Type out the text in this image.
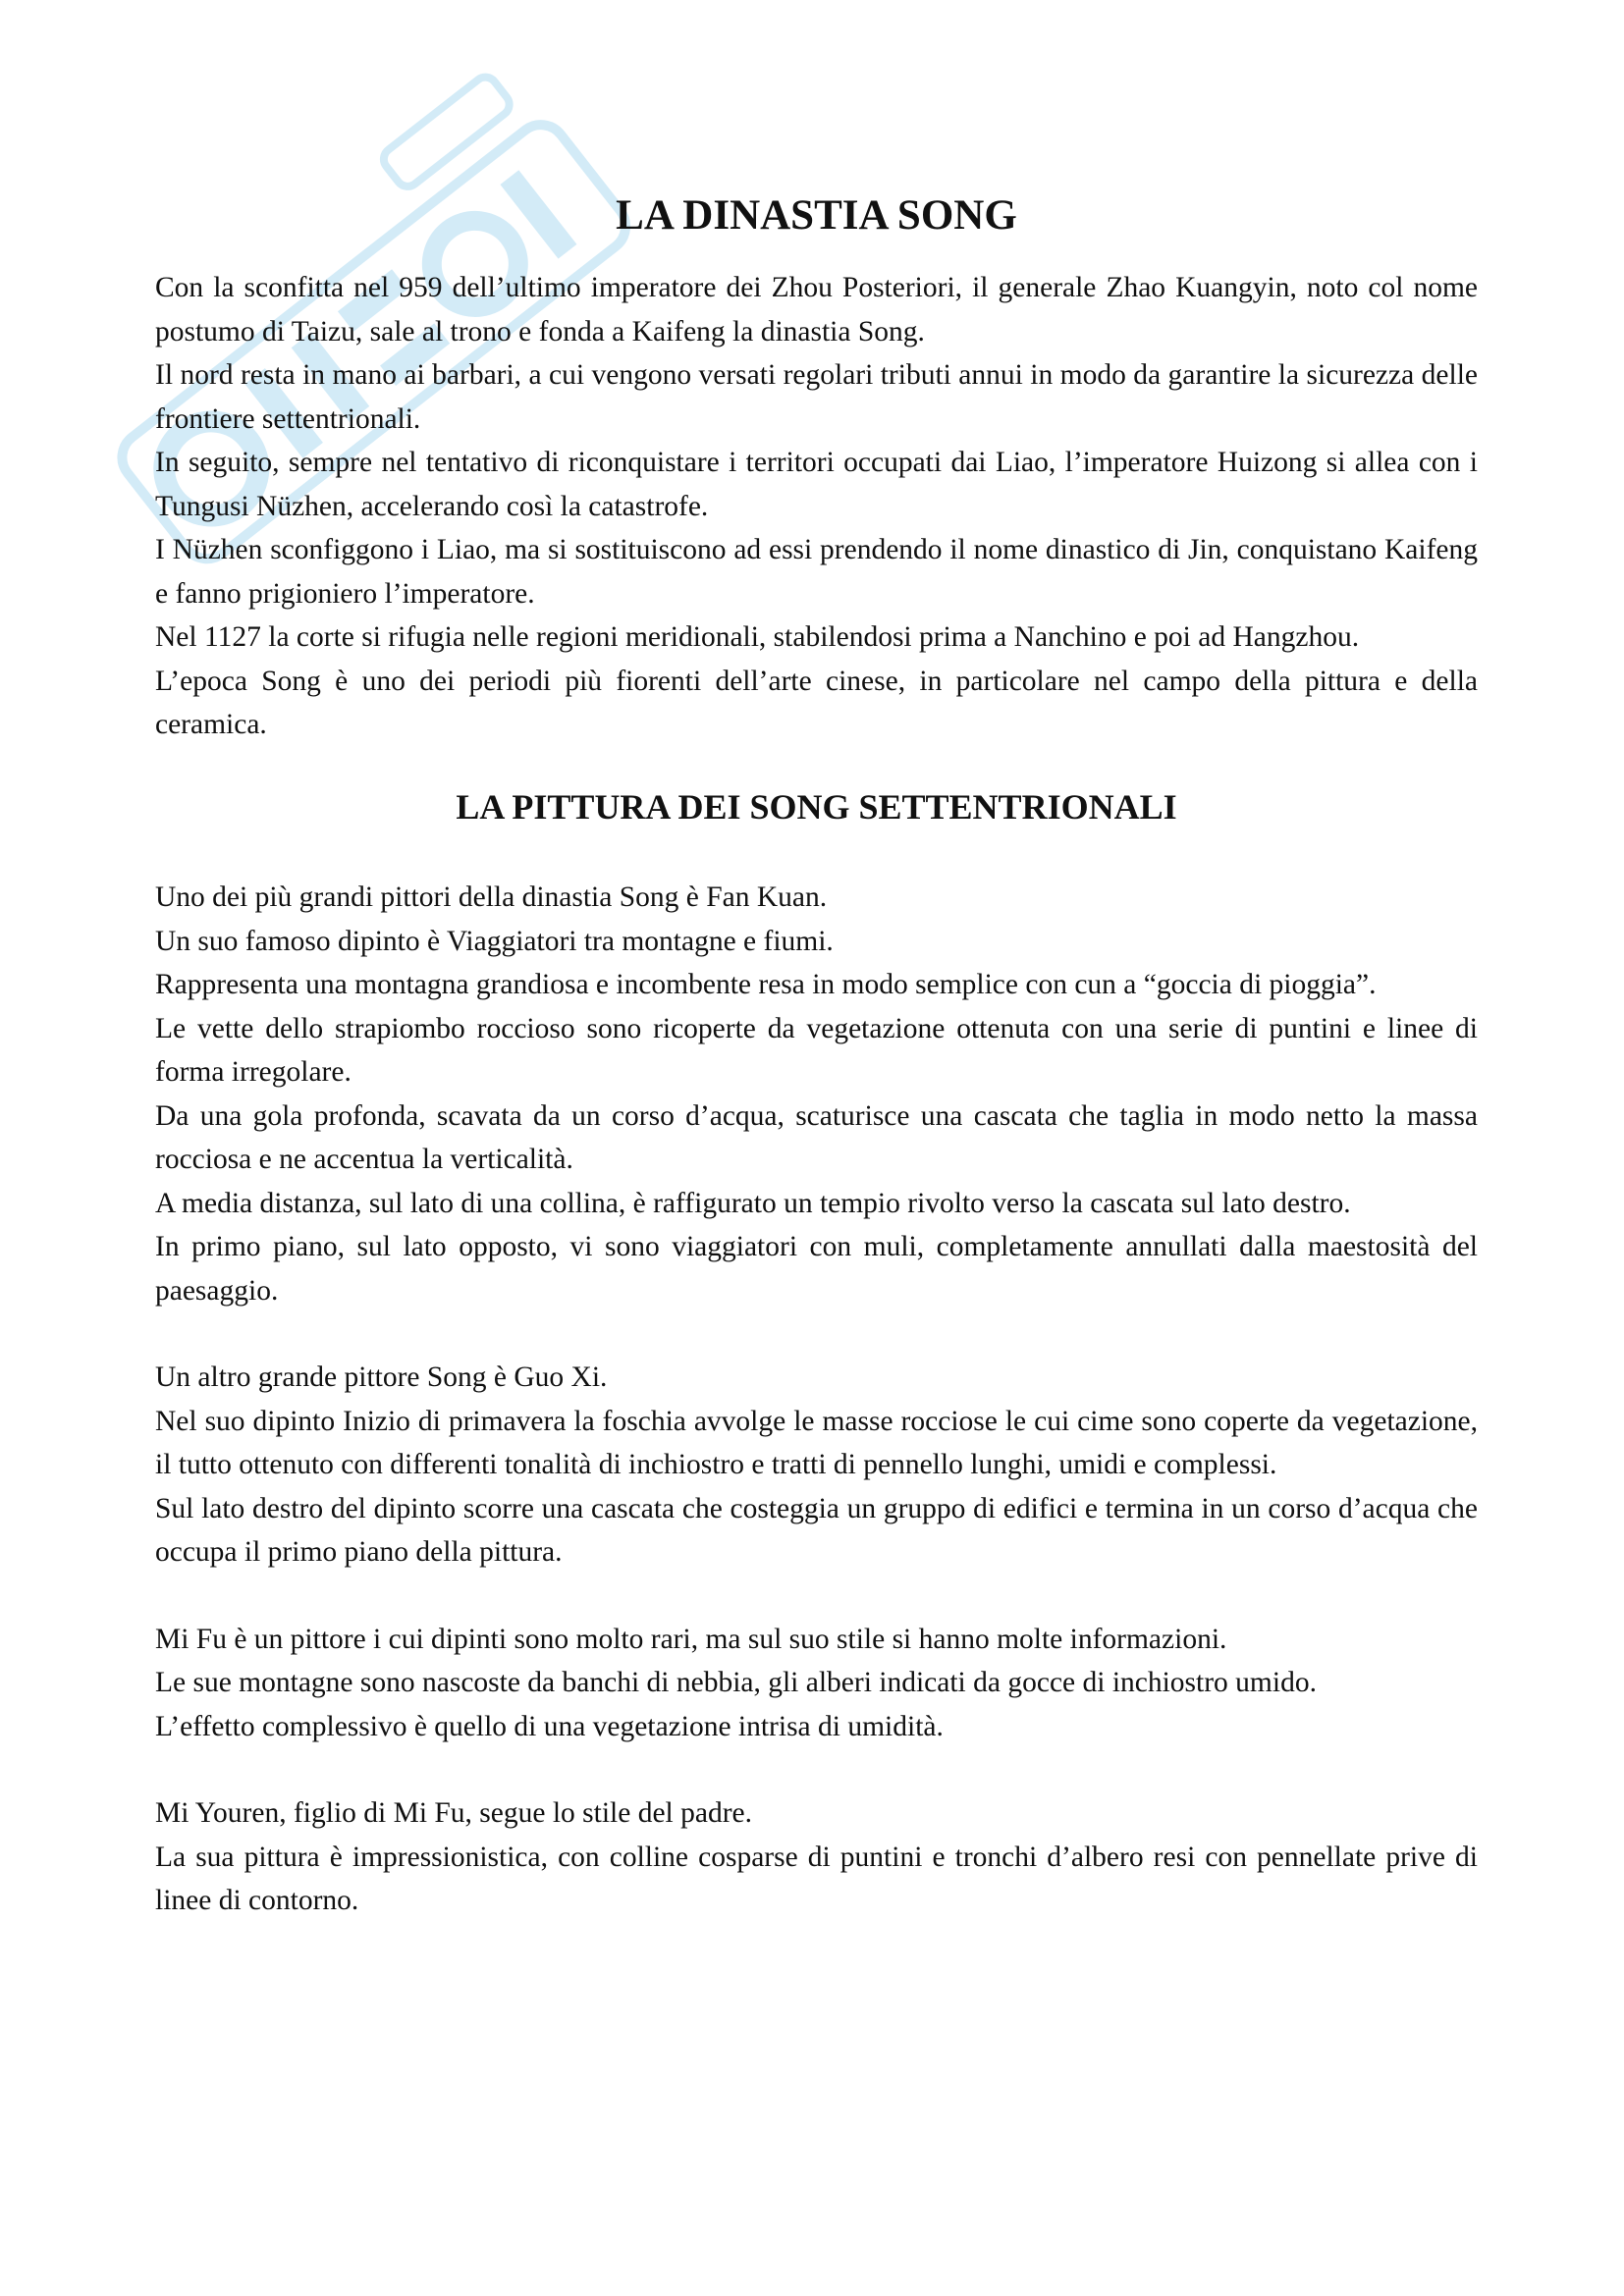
LA DINASTIA SONG

Con la sconfitta nel 959 dell’ultimo imperatore dei Zhou Posteriori, il generale Zhao Kuangyin, noto col nome postumo di Taizu, sale al trono e fonda a Kaifeng la dinastia Song.

Il nord resta in mano ai barbari, a cui vengono versati regolari tributi annui in modo da garantire la sicurezza delle frontiere settentrionali.

In seguito, sempre nel tentativo di riconquistare i territori occupati dai Liao, l’imperatore Huizong si allea con i Tungusi Nüzhen, accelerando così la catastrofe.

I Nüzhen sconfiggono i Liao, ma si sostituiscono ad essi prendendo il nome dinastico di Jin, conquistano Kaifeng e fanno prigioniero l’imperatore.

Nel 1127 la corte si rifugia nelle regioni meridionali, stabilendosi prima a Nanchino e poi ad Hangzhou.

L’epoca Song è uno dei periodi più fiorenti dell’arte cinese, in particolare nel campo della pittura e della ceramica.

LA PITTURA DEI SONG SETTENTRIONALI

Uno dei più grandi pittori della dinastia Song è Fan Kuan.

Un suo famoso dipinto è Viaggiatori tra montagne e fiumi.

Rappresenta una montagna grandiosa e incombente resa in modo semplice con cun a “goccia di pioggia”.

Le vette dello strapiombo roccioso sono ricoperte da vegetazione ottenuta con una serie di puntini e linee di forma irregolare.

Da una gola profonda, scavata da un corso d’acqua, scaturisce una cascata che taglia in modo netto la massa rocciosa e ne accentua la verticalità.

A media distanza, sul lato di una collina, è raffigurato un tempio rivolto verso la cascata sul lato destro.

In primo piano, sul lato opposto, vi sono viaggiatori con muli, completamente annullati dalla maestosità del paesaggio.

Un altro grande pittore Song è Guo Xi.

Nel suo dipinto Inizio di primavera la foschia avvolge le masse rocciose le cui cime sono coperte da vegetazione, il tutto ottenuto con differenti tonalità di inchiostro e tratti di pennello lunghi, umidi e complessi.

Sul lato destro del dipinto scorre una cascata che costeggia un gruppo di edifici e termina in un corso d’acqua che occupa il primo piano della pittura.

Mi Fu è un pittore i cui dipinti sono molto rari, ma sul suo stile si hanno molte informazioni.

Le sue montagne sono nascoste da banchi di nebbia, gli alberi indicati da gocce di inchiostro umido.

L’effetto complessivo è quello di una vegetazione intrisa di umidità.

Mi Youren, figlio di Mi Fu, segue lo stile del padre.

La sua pittura è impressionistica, con colline cosparse di puntini e tronchi d’albero resi con pennellate prive di linee di contorno.
